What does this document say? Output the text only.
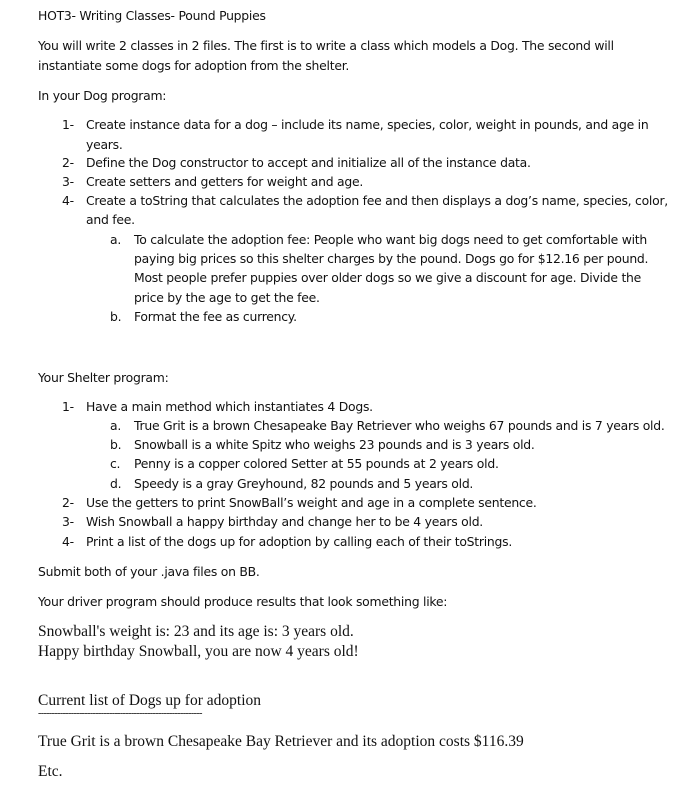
HOT3- Writing Classes- Pound Puppies
You will write 2 classes in 2 files. The first is to write a class which models a Dog. The second will
instantiate some dogs for adoption from the shelter.
In your Dog program:
1- Create instance data for a dog – include its name, species, color, weight in pounds, and age in
years.
2- Define the Dog constructor to accept and initialize all of the instance data.
3- Create setters and getters for weight and age.
4- Create a toString that calculates the adoption fee and then displays a dog’s name, species, color,
and fee.
a. To calculate the adoption fee: People who want big dogs need to get comfortable with
paying big prices so this shelter charges by the pound. Dogs go for $12.16 per pound.
Most people prefer puppies over older dogs so we give a discount for age. Divide the
price by the age to get the fee.
b. Format the fee as currency.
Your Shelter program:
1- Have a main method which instantiates 4 Dogs.
a. True Grit is a brown Chesapeake Bay Retriever who weighs 67 pounds and is 7 years old.
b. Snowball is a white Spitz who weighs 23 pounds and is 3 years old.
c. Penny is a copper colored Setter at 55 pounds at 2 years old.
d. Speedy is a gray Greyhound, 82 pounds and 5 years old.
2- Use the getters to print SnowBall’s weight and age in a complete sentence.
3- Wish Snowball a happy birthday and change her to be 4 years old.
4- Print a list of the dogs up for adoption by calling each of their toStrings.
Submit both of your .java files on BB.
Your driver program should produce results that look something like:
Snowball's weight is: 23 and its age is: 3 years old.
Happy birthday Snowball, you are now 4 years old!
Current list of Dogs up for adoption
------------------------------------------------------------
True Grit is a brown Chesapeake Bay Retriever and its adoption costs $116.39
Etc.
